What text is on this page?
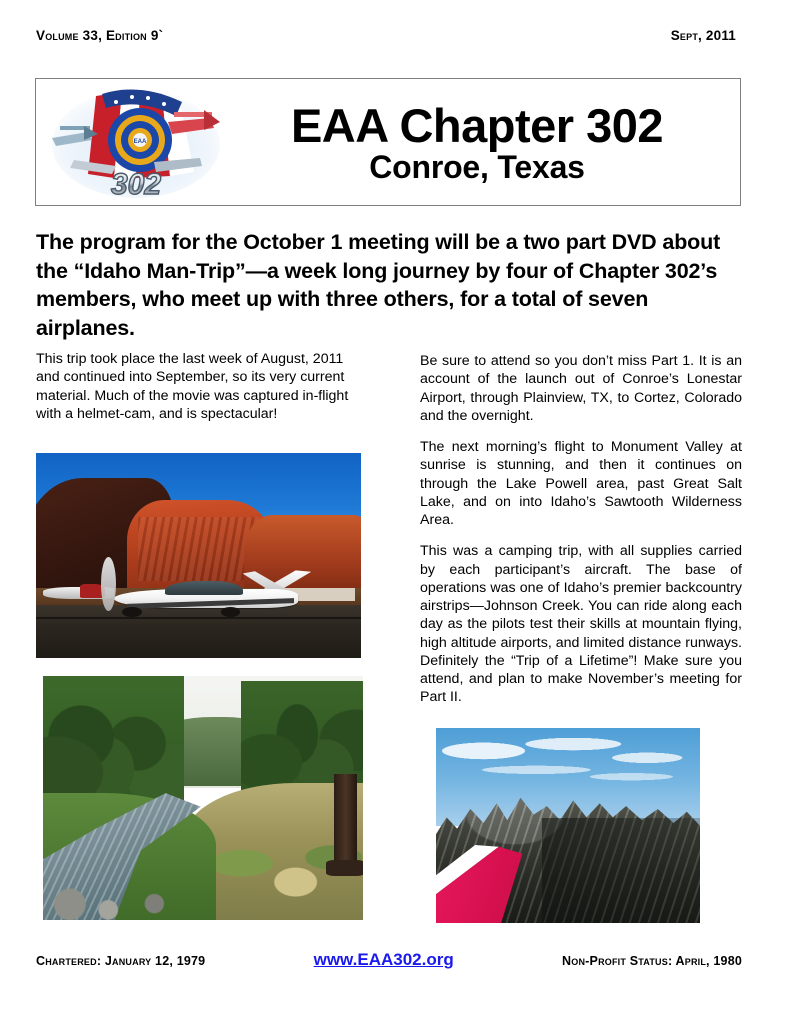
Volume 33, Edition 9`	Sept, 2011
EAA
302
EAA Chapter 302
Conroe, Texas
The program for the October 1 meeting will be a two part DVD about the “Idaho Man-Trip”—a week long journey by four of Chapter 302’s members, who meet up with three others, for a total of seven airplanes.

This trip took place the last week of August, 2011 and continued into September, so its very current material. Much of the movie was captured in-flight with a helmet-cam, and is spectacular!

Be sure to attend so you don’t miss Part 1. It is an account of the launch out of Conroe’s Lonestar Airport, through Plainview, TX, to Cortez, Colorado and the overnight.

The next morning’s flight to Monument Valley at sunrise is stunning, and then it continues on through the Lake Powell area, past Great Salt Lake, and on into Idaho’s Sawtooth Wilderness Area.

This was a camping trip, with all supplies carried by each participant’s aircraft. The base of operations was one of Idaho’s premier backcountry airstrips—Johnson Creek. You can ride along each day as the pilots test their skills at mountain flying, high altitude airports, and limited distance runways. Definitely the “Trip of a Lifetime”! Make sure you attend, and plan to make November’s meeting for Part II.

Chartered: January 12, 1979	www.EAA302.org	Non-Profit Status: April, 1980
